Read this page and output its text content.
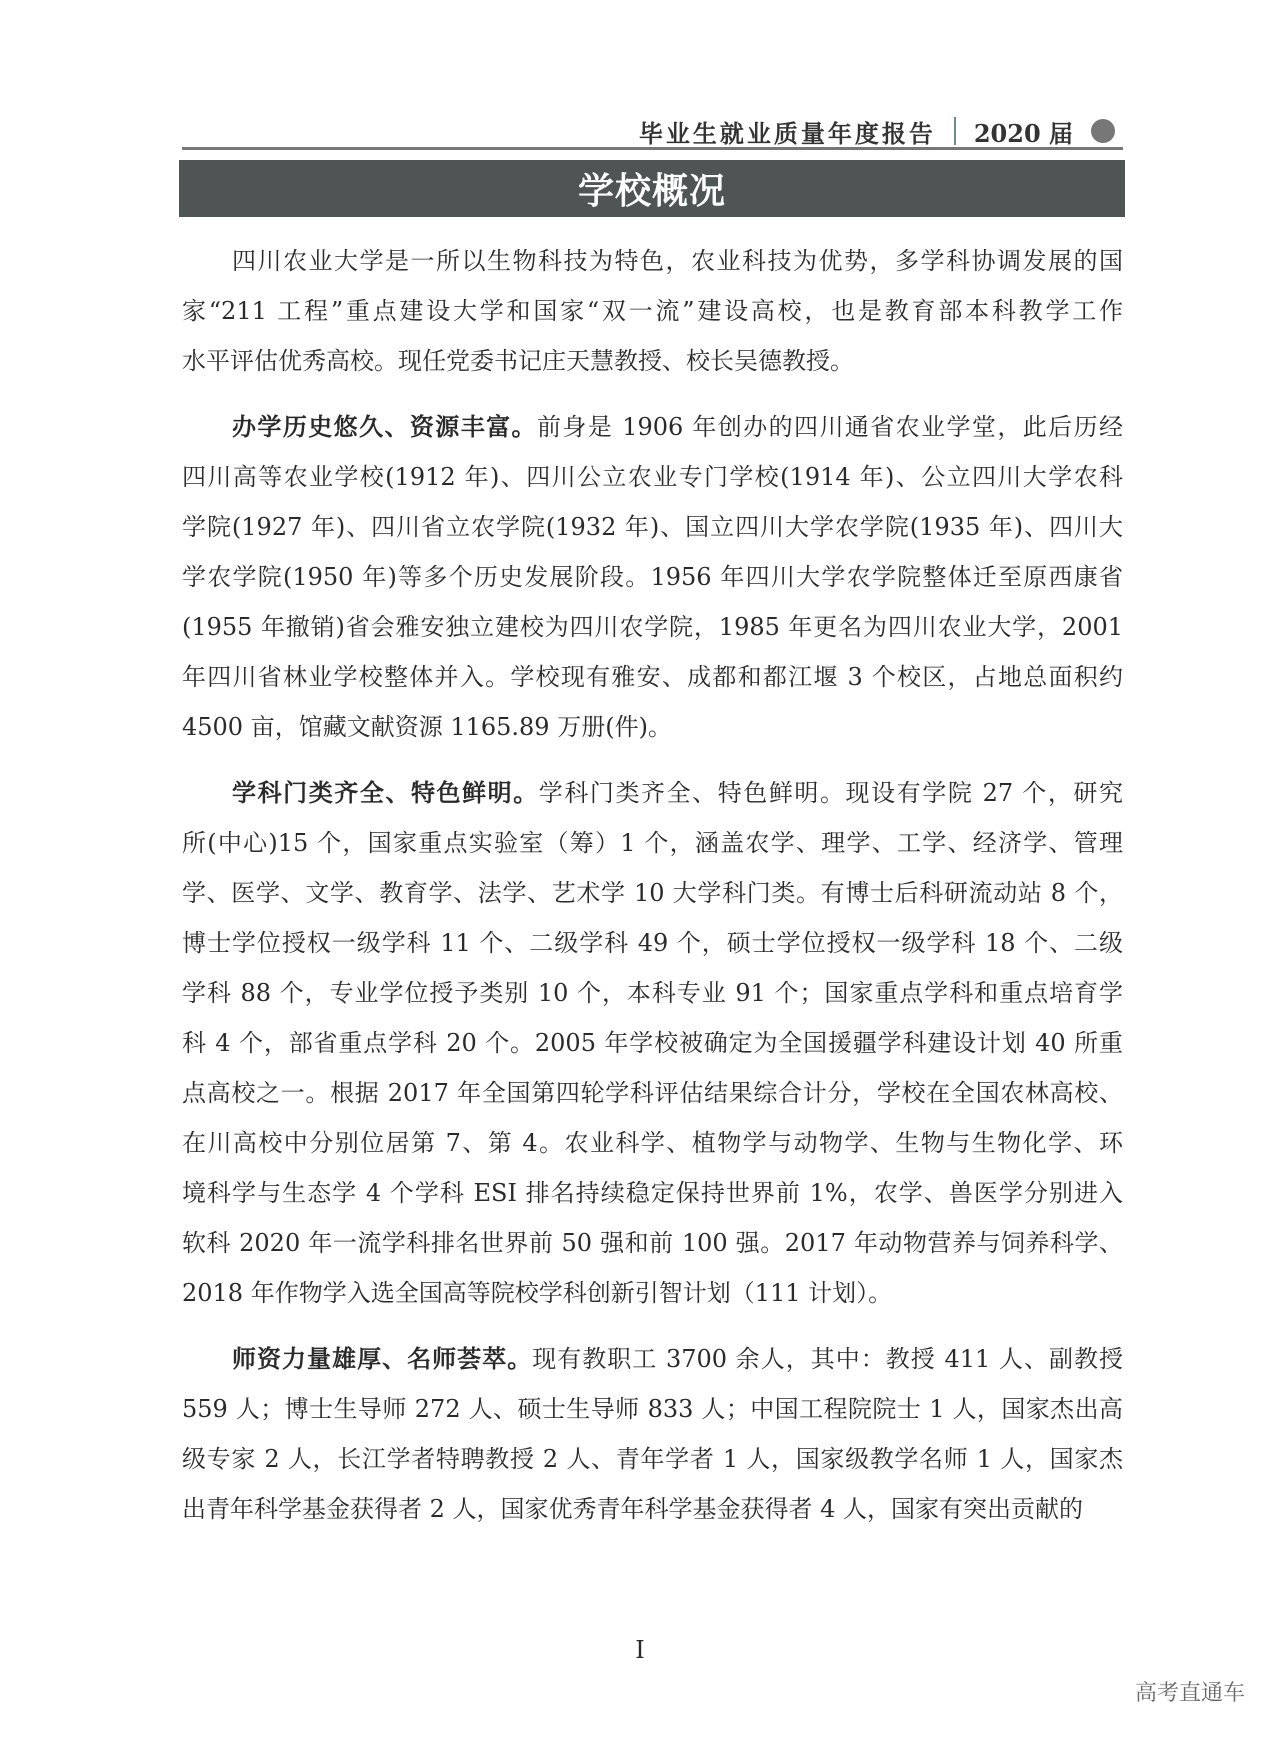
毕业生就业质量年度报告 2020 届
学校概况
四川农业大学是一所以生物科技为特色，农业科技为优势，多学科协调发展的国
家“211 工程”重点建设大学和国家“双一流”建设高校，也是教育部本科教学工作
水平评估优秀高校。现任党委书记庄天慧教授、校长吴德教授。
办学历史悠久、资源丰富。前身是 1906 年创办的四川通省农业学堂，此后历经
四川高等农业学校(1912 年)、四川公立农业专门学校(1914 年)、公立四川大学农科
学院(1927 年)、四川省立农学院(1932 年)、国立四川大学农学院(1935 年)、四川大
学农学院(1950 年)等多个历史发展阶段。1956 年四川大学农学院整体迁至原西康省
(1955 年撤销)省会雅安独立建校为四川农学院，1985 年更名为四川农业大学，2001
年四川省林业学校整体并入。学校现有雅安、成都和都江堰 3 个校区，占地总面积约
4500 亩，馆藏文献资源 1165.89 万册(件)。
学科门类齐全、特色鲜明。学科门类齐全、特色鲜明。现设有学院 27 个，研究
所(中心)15 个，国家重点实验室（筹）1 个，涵盖农学、理学、工学、经济学、管理
学、医学、文学、教育学、法学、艺术学 10 大学科门类。有博士后科研流动站 8 个，
博士学位授权一级学科 11 个、二级学科 49 个，硕士学位授权一级学科 18 个、二级
学科 88 个，专业学位授予类别 10 个，本科专业 91 个；国家重点学科和重点培育学
科 4 个，部省重点学科 20 个。2005 年学校被确定为全国援疆学科建设计划 40 所重
点高校之一。根据 2017 年全国第四轮学科评估结果综合计分，学校在全国农林高校、
在川高校中分别位居第 7、第 4。农业科学、植物学与动物学、生物与生物化学、环
境科学与生态学 4 个学科 ESI 排名持续稳定保持世界前 1%，农学、兽医学分别进入
软科 2020 年一流学科排名世界前 50 强和前 100 强。2017 年动物营养与饲养科学、
2018 年作物学入选全国高等院校学科创新引智计划（111 计划）。
师资力量雄厚、名师荟萃。现有教职工 3700 余人，其中：教授 411 人、副教授
559 人；博士生导师 272 人、硕士生导师 833 人；中国工程院院士 1 人，国家杰出高
级专家 2 人，长江学者特聘教授 2 人、青年学者 1 人，国家级教学名师 1 人，国家杰
出青年科学基金获得者 2 人，国家优秀青年科学基金获得者 4 人，国家有突出贡献的
I
高考直通车
